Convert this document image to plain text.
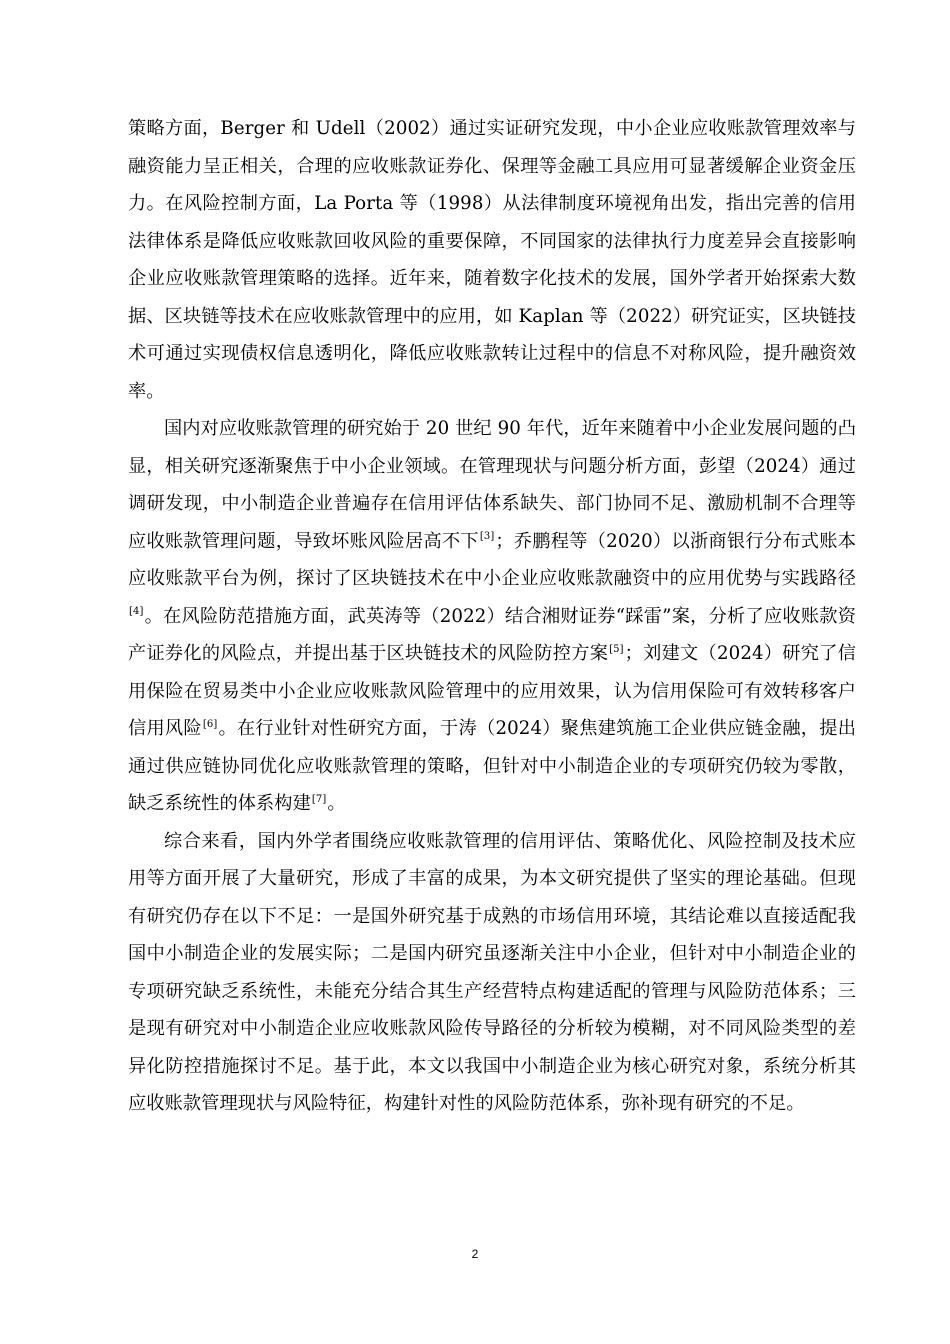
策略方面，Berger 和 Udell（2002）通过实证研究发现，中小企业应收账款管理效率与融资能力呈正相关，合理的应收账款证券化、保理等金融工具应用可显著缓解企业资金压力。在风险控制方面，La Porta 等（1998）从法律制度环境视角出发，指出完善的信用法律体系是降低应收账款回收风险的重要保障，不同国家的法律执行力度差异会直接影响企业应收账款管理策略的选择。近年来，随着数字化技术的发展，国外学者开始探索大数据、区块链等技术在应收账款管理中的应用，如 Kaplan 等（2022）研究证实，区块链技术可通过实现债权信息透明化，降低应收账款转让过程中的信息不对称风险，提升融资效率。

国内对应收账款管理的研究始于 20 世纪 90 年代，近年来随着中小企业发展问题的凸显，相关研究逐渐聚焦于中小企业领域。在管理现状与问题分析方面，彭望（2024）通过调研发现，中小制造企业普遍存在信用评估体系缺失、部门协同不足、激励机制不合理等应收账款管理问题，导致坏账风险居高不下[3]；乔鹏程等（2020）以浙商银行分布式账本应收账款平台为例，探讨了区块链技术在中小企业应收账款融资中的应用优势与实践路径[4]。在风险防范措施方面，武英涛等（2022）结合湘财证券“踩雷”案，分析了应收账款资产证券化的风险点，并提出基于区块链技术的风险防控方案[5]；刘建文（2024）研究了信用保险在贸易类中小企业应收账款风险管理中的应用效果，认为信用保险可有效转移客户信用风险[6]。在行业针对性研究方面，于涛（2024）聚焦建筑施工企业供应链金融，提出通过供应链协同优化应收账款管理的策略，但针对中小制造企业的专项研究仍较为零散，缺乏系统性的体系构建[7]。

综合来看，国内外学者围绕应收账款管理的信用评估、策略优化、风险控制及技术应用等方面开展了大量研究，形成了丰富的成果，为本文研究提供了坚实的理论基础。但现有研究仍存在以下不足：一是国外研究基于成熟的市场信用环境，其结论难以直接适配我国中小制造企业的发展实际；二是国内研究虽逐渐关注中小企业，但针对中小制造企业的专项研究缺乏系统性，未能充分结合其生产经营特点构建适配的管理与风险防范体系；三是现有研究对中小制造企业应收账款风险传导路径的分析较为模糊，对不同风险类型的差异化防控措施探讨不足。基于此，本文以我国中小制造企业为核心研究对象，系统分析其应收账款管理现状与风险特征，构建针对性的风险防范体系，弥补现有研究的不足。

2
